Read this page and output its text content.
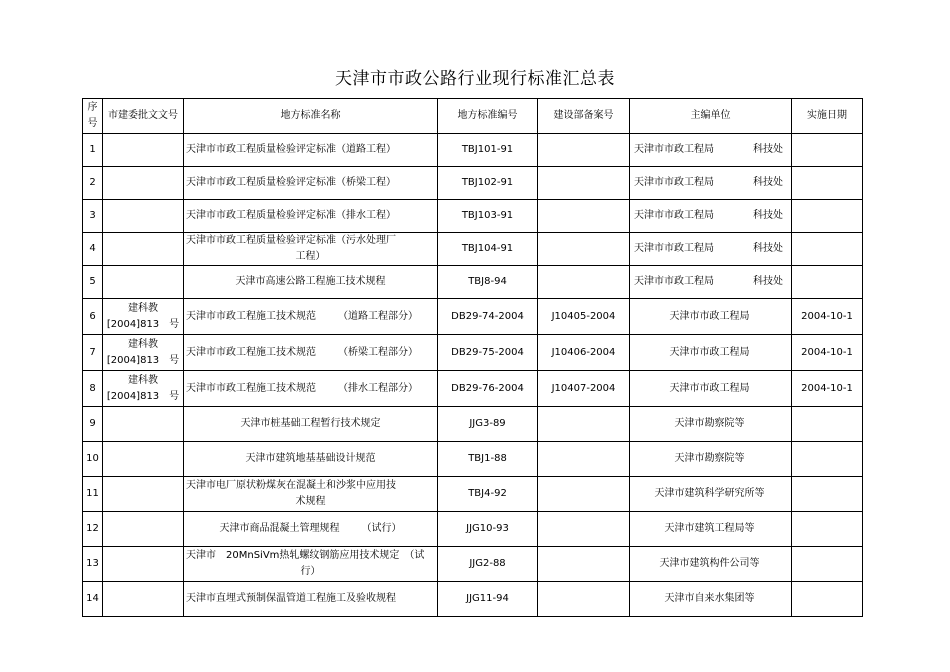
天津市市政公路行业现行标准汇总表
序号	市建委批文文号	地方标准名称	地方标准编号	建设部备案号	主编单位	实施日期
1		天津市市政工程质量检验评定标准（道路工程）	TBJ101-91		天津市市政工程局 科技处	

2		天津市市政工程质量检验评定标准（桥梁工程）	TBJ102-91		天津市市政工程局 科技处	

3		天津市市政工程质量检验评定标准（排水工程）	TBJ103-91		天津市市政工程局 科技处	

4		天津市市政工程质量检验评定标准（污水处理厂
工程）	TBJ104-91		天津市市政工程局 科技处	

5		天津市高速公路工程施工技术规程	TBJ8-94		天津市市政工程局 科技处	

6	建科教
[2004]813　号	天津市市政工程施工技术规范 （道路工程部分）	DB29-74-2004	J10405-2004	天津市市政工程局	2004-10-1
7	建科教
[2004]813　号	天津市市政工程施工技术规范 （桥梁工程部分）	DB29-75-2004	J10406-2004	天津市市政工程局	2004-10-1
8	建科教
[2004]813　号	天津市市政工程施工技术规范 （排水工程部分）	DB29-76-2004	J10407-2004	天津市市政工程局	2004-10-1
9		天津市桩基础工程暂行技术规定	JJG3-89		天津市勘察院等	
10		天津市建筑地基基础设计规范	TBJ1-88		天津市勘察院等	
11		天津市电厂原状粉煤灰在混凝土和沙浆中应用技
术规程	TBJ4-92		天津市建筑科学研究所等	
12		天津市商品混凝土管理规程 （试行）	JJG10-93		天津市建筑工程局等	
13		天津市　20MnSiVm热轧螺纹钢筋应用技术规定　（试
行）	JJG2-88		天津市建筑构件公司等	
14		天津市直埋式预制保温管道工程施工及验收规程	JJG11-94		天津市自来水集团等	
